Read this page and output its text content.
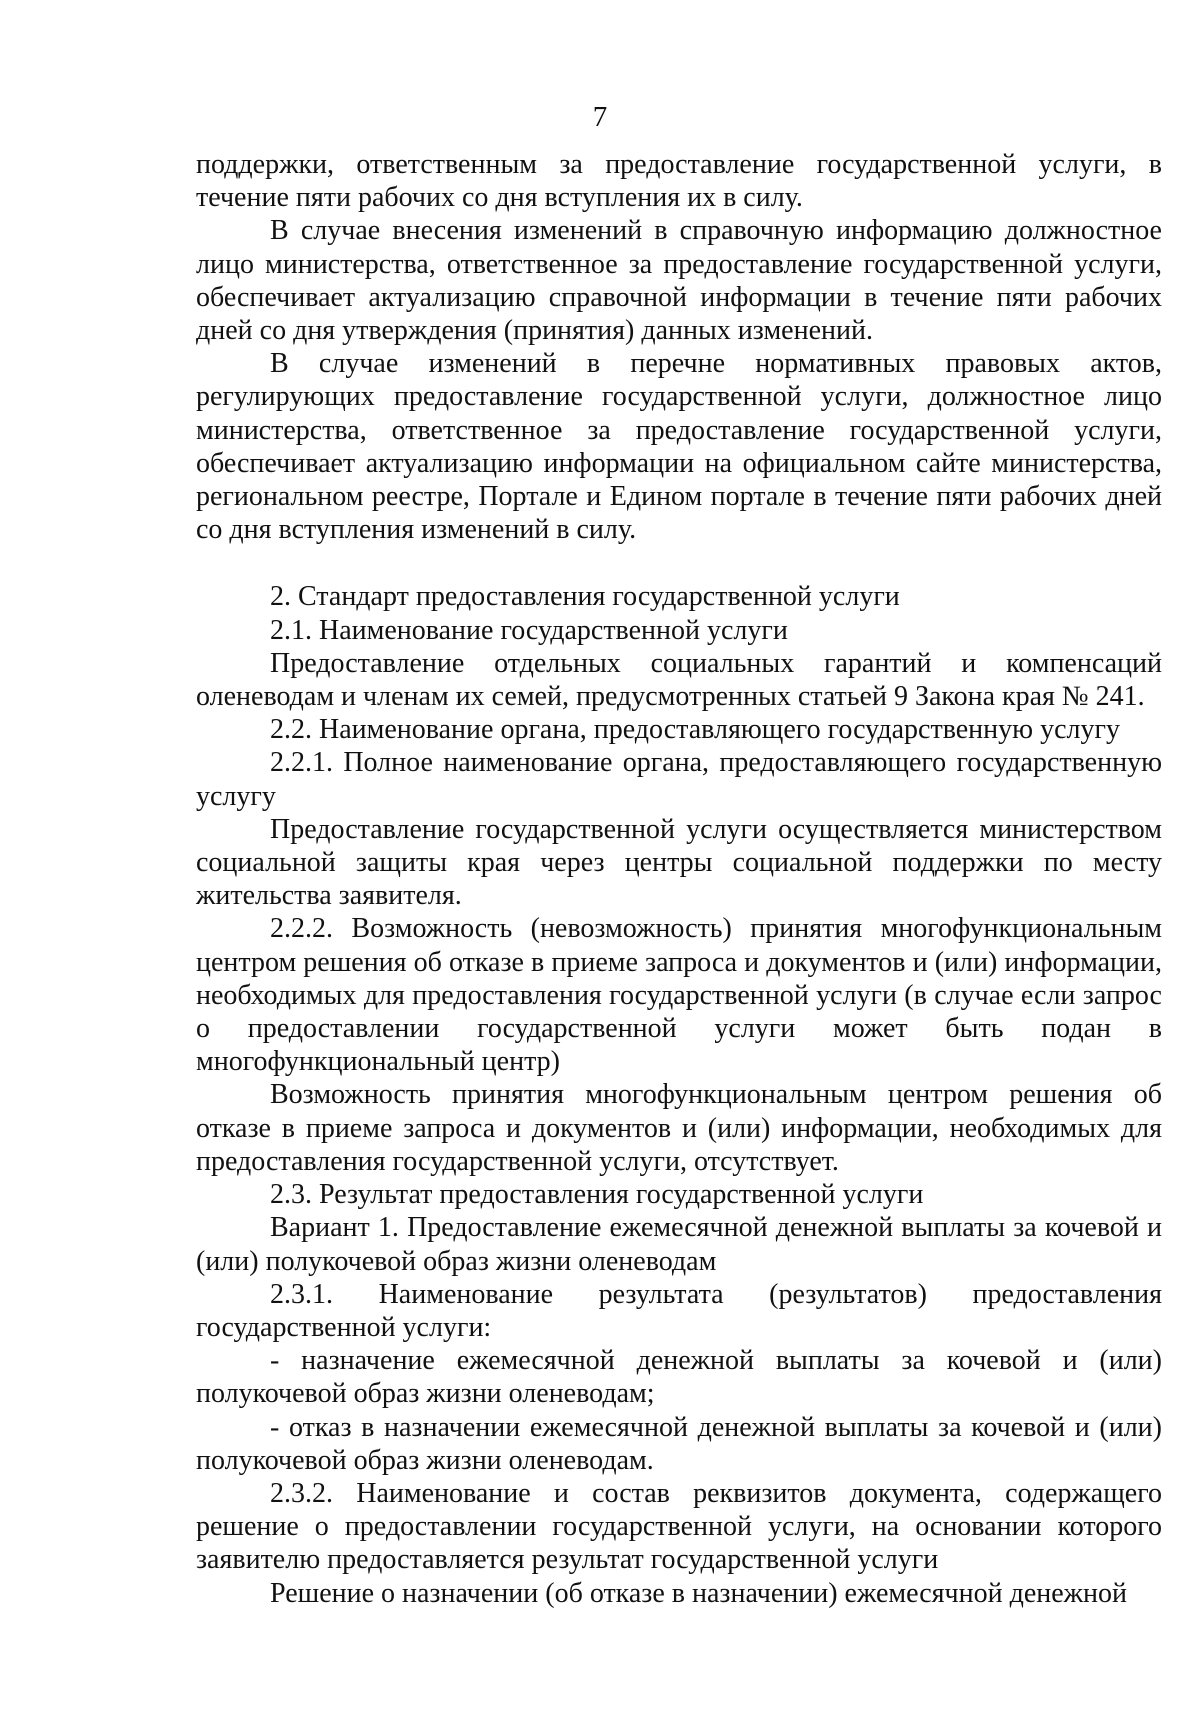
7

поддержки, ответственным за предоставление государственной услуги, в течение пяти рабочих со дня вступления их в силу.

В случае внесения изменений в справочную информацию должностное лицо министерства, ответственное за предоставление государственной услуги, обеспечивает актуализацию справочной информации в течение пяти рабочих дней со дня утверждения (принятия) данных изменений.

В случае изменений в перечне нормативных правовых актов, регулирующих предоставление государственной услуги, должностное лицо министерства, ответственное за предоставление государственной услуги, обеспечивает актуализацию информации на официальном сайте министерства, региональном реестре, Портале и Едином портале в течение пяти рабочих дней со дня вступления изменений в силу.

2. Стандарт предоставления государственной услуги

2.1. Наименование государственной услуги

Предоставление отдельных социальных гарантий и компенсаций оленеводам и членам их семей, предусмотренных статьей 9 Закона края № 241.

2.2. Наименование органа, предоставляющего государственную услугу

2.2.1. Полное наименование органа, предоставляющего государственную услугу

Предоставление государственной услуги осуществляется министерством социальной защиты края через центры социальной поддержки по месту жительства заявителя.

2.2.2. Возможность (невозможность) принятия многофункциональным центром решения об отказе в приеме запроса и документов и (или) информации, необходимых для предоставления государственной услуги (в случае если запрос о предоставлении государственной услуги может быть подан в многофункциональный центр)

Возможность принятия многофункциональным центром решения об отказе в приеме запроса и документов и (или) информации, необходимых для предоставления государственной услуги, отсутствует.

2.3. Результат предоставления государственной услуги

Вариант 1. Предоставление ежемесячной денежной выплаты за кочевой и (или) полукочевой образ жизни оленеводам

2.3.1. Наименование результата (результатов) предоставления государственной услуги:

- назначение ежемесячной денежной выплаты за кочевой и (или) полукочевой образ жизни оленеводам;

- отказ в назначении ежемесячной денежной выплаты за кочевой и (или) полукочевой образ жизни оленеводам.

2.3.2. Наименование и состав реквизитов документа, содержащего решение о предоставлении государственной услуги, на основании которого заявителю предоставляется результат государственной услуги

Решение о назначении (об отказе в назначении) ежемесячной денежной
